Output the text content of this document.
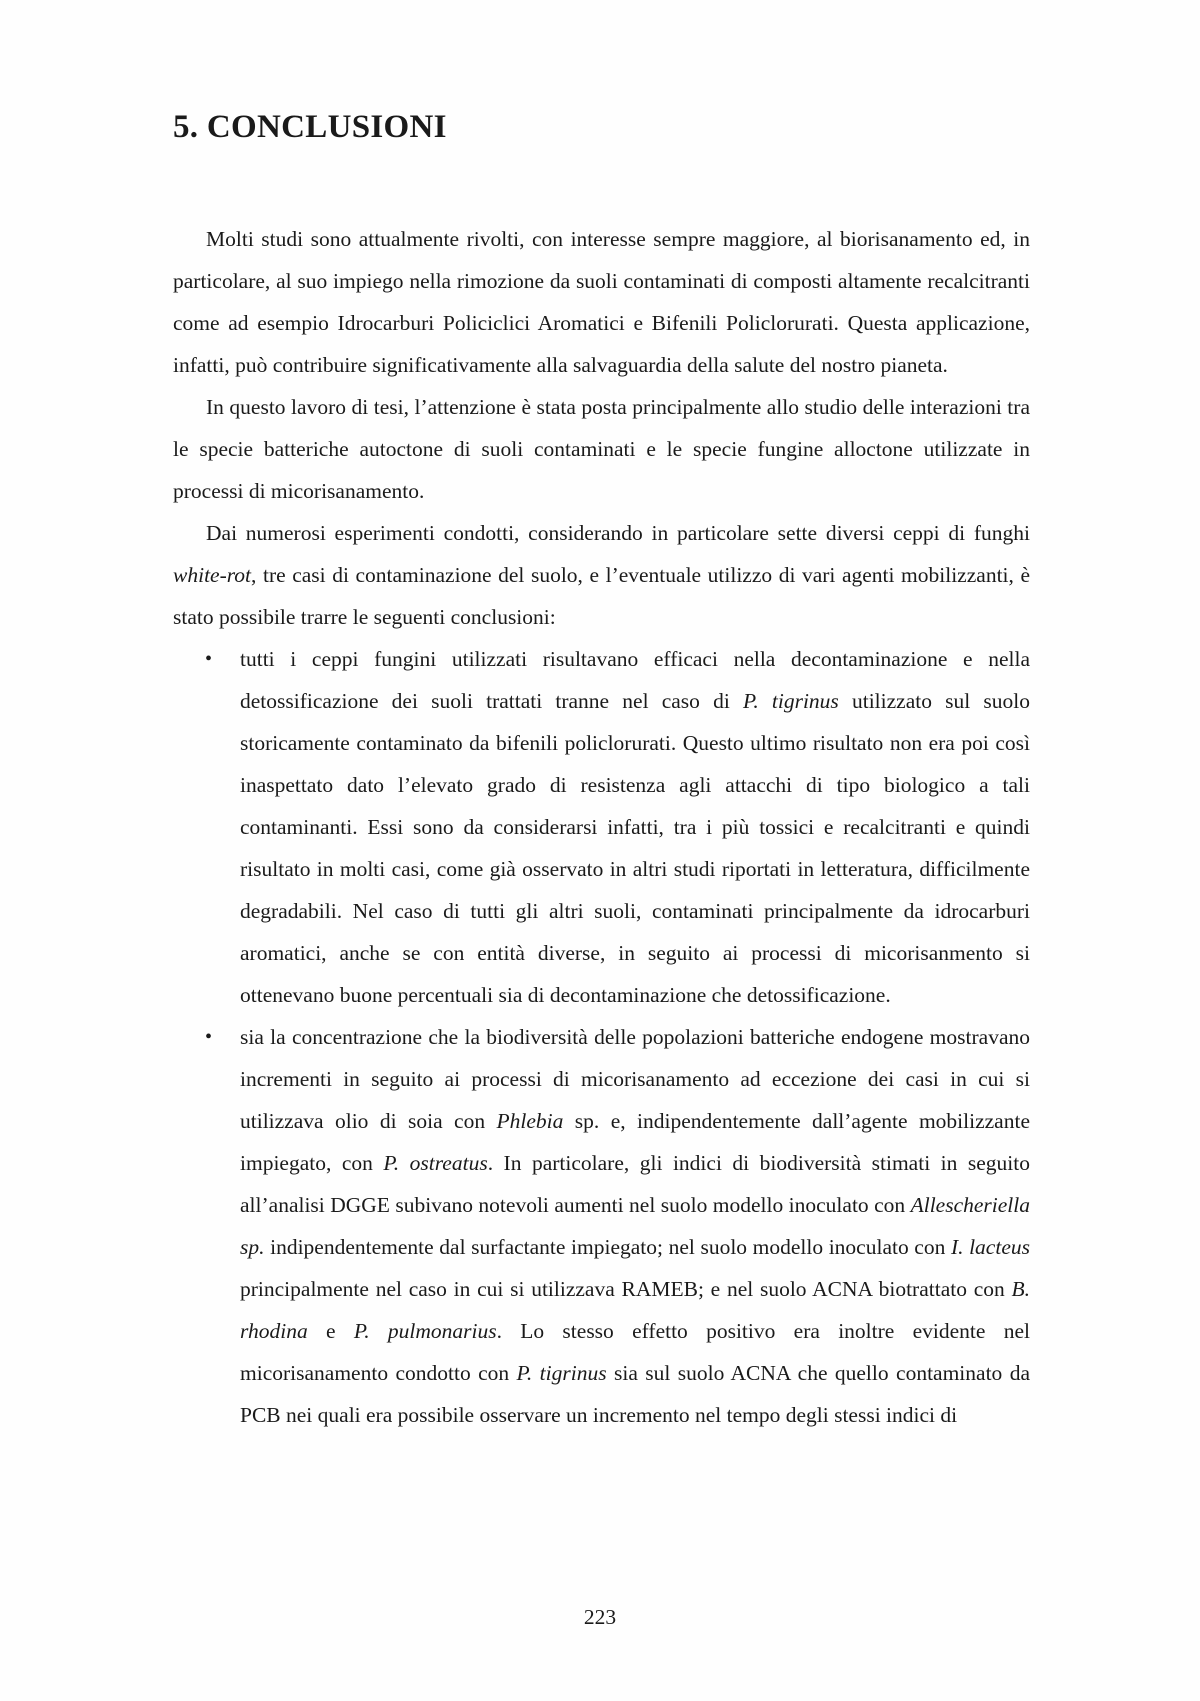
5. CONCLUSIONI

Molti studi sono attualmente rivolti, con interesse sempre maggiore, al biorisanamento ed, in particolare, al suo impiego nella rimozione da suoli contaminati di composti altamente recalcitranti come ad esempio Idrocarburi Policiclici Aromatici e Bifenili Policlorurati. Questa applicazione, infatti, può contribuire significativamente alla salvaguardia della salute del nostro pianeta.

In questo lavoro di tesi, l’attenzione è stata posta principalmente allo studio delle interazioni tra le specie batteriche autoctone di suoli contaminati e le specie fungine alloctone utilizzate in processi di micorisanamento.

Dai numerosi esperimenti condotti, considerando in particolare sette diversi ceppi di funghi white-rot, tre casi di contaminazione del suolo, e l’eventuale utilizzo di vari agenti mobilizzanti, è stato possibile trarre le seguenti conclusioni:

• tutti i ceppi fungini utilizzati risultavano efficaci nella decontaminazione e nella detossificazione dei suoli trattati tranne nel caso di P. tigrinus utilizzato sul suolo storicamente contaminato da bifenili policlorurati. Questo ultimo risultato non era poi così inaspettato dato l’elevato grado di resistenza agli attacchi di tipo biologico a tali contaminanti. Essi sono da considerarsi infatti, tra i più tossici e recalcitranti e quindi risultato in molti casi, come già osservato in altri studi riportati in letteratura, difficilmente degradabili. Nel caso di tutti gli altri suoli, contaminati principalmente da idrocarburi aromatici, anche se con entità diverse, in seguito ai processi di micorisanmento si ottenevano buone percentuali sia di decontaminazione che detossificazione.
• sia la concentrazione che la biodiversità delle popolazioni batteriche endogene mostravano incrementi in seguito ai processi di micorisanamento ad eccezione dei casi in cui si utilizzava olio di soia con Phlebia sp. e, indipendentemente dall’agente mobilizzante impiegato, con P. ostreatus. In particolare, gli indici di biodiversità stimati in seguito all’analisi DGGE subivano notevoli aumenti nel suolo modello inoculato con Allescheriella sp. indipendentemente dal surfactante impiegato; nel suolo modello inoculato con I. lacteus principalmente nel caso in cui si utilizzava RAMEB; e nel suolo ACNA biotrattato con B. rhodina e P. pulmonarius. Lo stesso effetto positivo era inoltre evidente nel micorisanamento condotto con P. tigrinus sia sul suolo ACNA che quello contaminato da PCB nei quali era possibile osservare un incremento nel tempo degli stessi indici di
223
